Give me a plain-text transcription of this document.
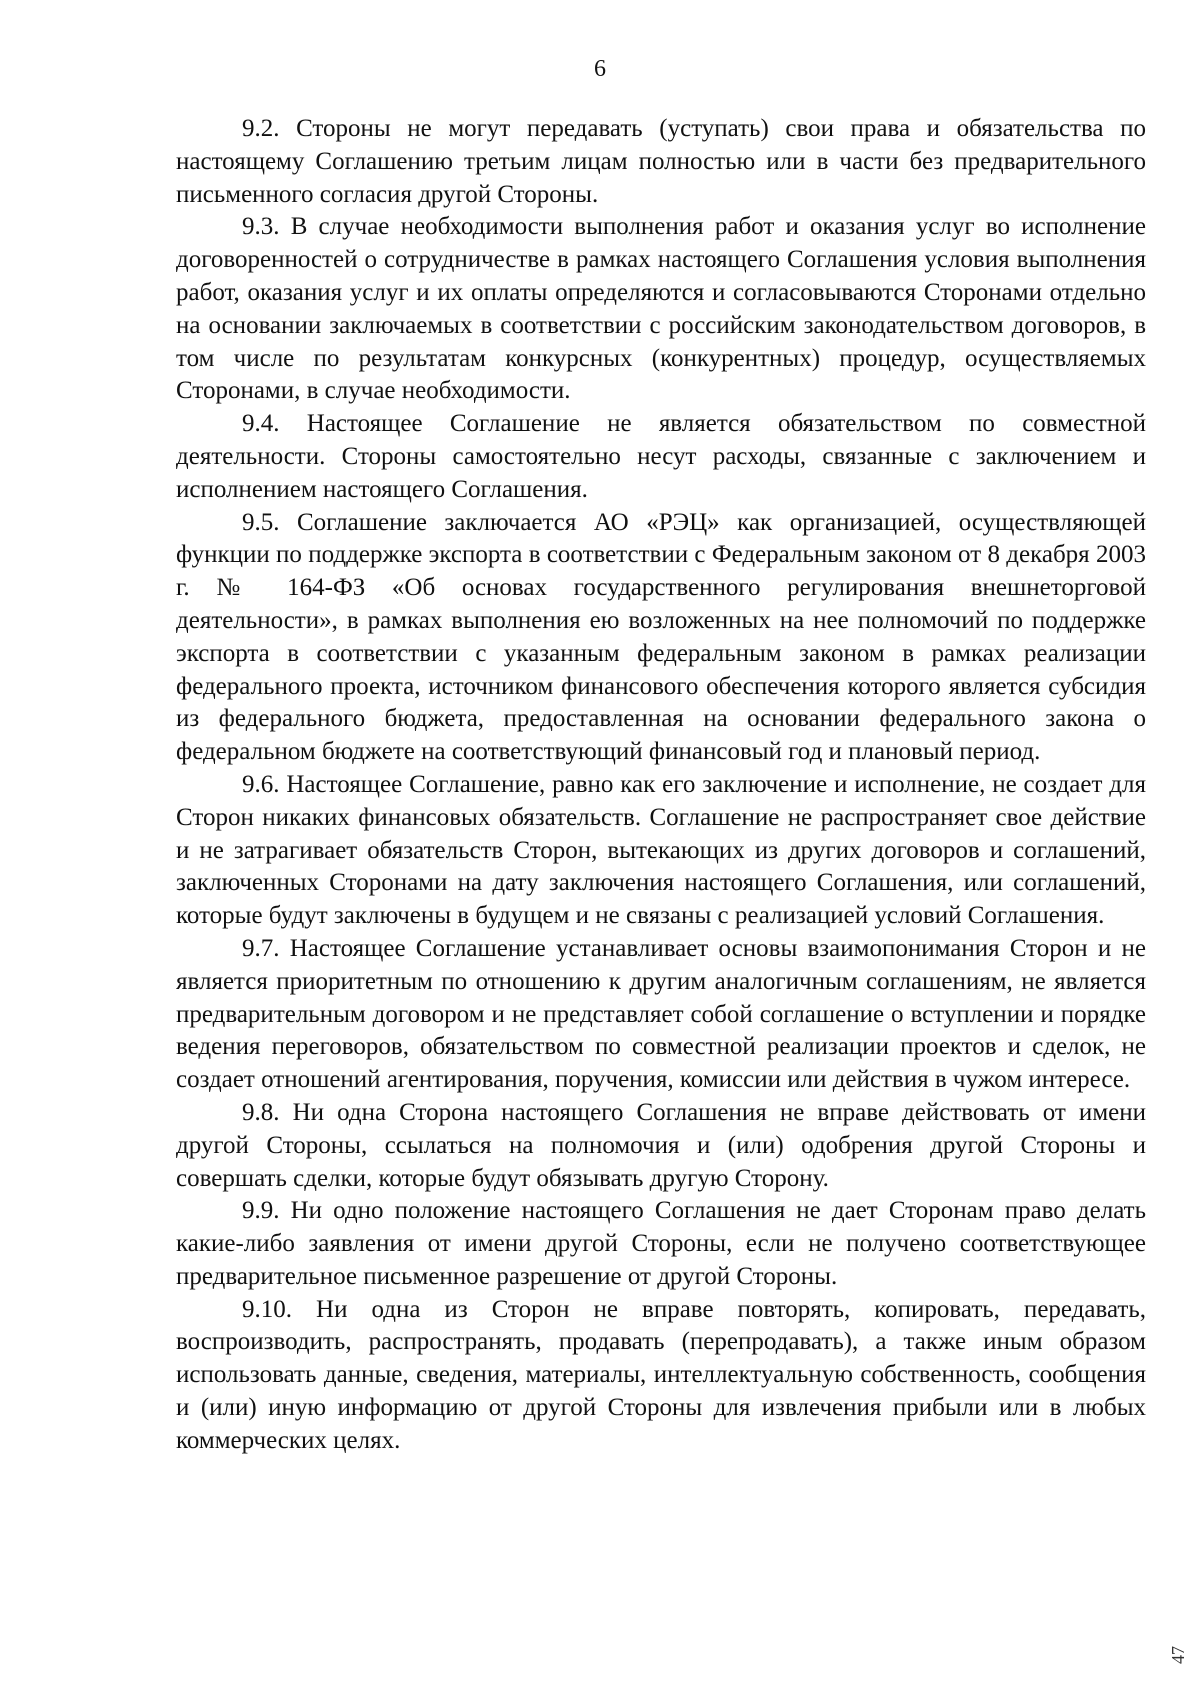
6

9.2. Стороны не могут передавать (уступать) свои права и обязательства по настоящему Соглашению третьим лицам полностью или в части без предварительного письменного согласия другой Стороны.

9.3. В случае необходимости выполнения работ и оказания услуг во исполнение договоренностей о сотрудничестве в рамках настоящего Соглашения условия выполнения работ, оказания услуг и их оплаты определяются и согласовываются Сторонами отдельно на основании заключаемых в соответствии с российским законодательством договоров, в том числе по результатам конкурсных (конкурентных) процедур, осуществляемых Сторонами, в случае необходимости.

9.4. Настоящее Соглашение не является обязательством по совместной деятельности. Стороны самостоятельно несут расходы, связанные с заключением и исполнением настоящего Соглашения.

9.5. Соглашение заключается АО «РЭЦ» как организацией, осуществляющей функции по поддержке экспорта в соответствии с Федеральным законом от 8 декабря 2003 г. № 164-ФЗ «Об основах государственного регулирования внешнеторговой деятельности», в рамках выполнения ею возложенных на нее полномочий по поддержке экспорта в соответствии с указанным федеральным законом в рамках реализации федерального проекта, источником финансового обеспечения которого является субсидия из федерального бюджета, предоставленная на основании федерального закона о федеральном бюджете на соответствующий финансовый год и плановый период.

9.6. Настоящее Соглашение, равно как его заключение и исполнение, не создает для Сторон никаких финансовых обязательств. Соглашение не распространяет свое действие и не затрагивает обязательств Сторон, вытекающих из других договоров и соглашений, заключенных Сторонами на дату заключения настоящего Соглашения, или соглашений, которые будут заключены в будущем и не связаны с реализацией условий Соглашения.

9.7. Настоящее Соглашение устанавливает основы взаимопонимания Сторон и не является приоритетным по отношению к другим аналогичным соглашениям, не является предварительным договором и не представляет собой соглашение о вступлении и порядке ведения переговоров, обязательством по совместной реализации проектов и сделок, не создает отношений агентирования, поручения, комиссии или действия в чужом интересе.

9.8. Ни одна Сторона настоящего Соглашения не вправе действовать от имени другой Стороны, ссылаться на полномочия и (или) одобрения другой Стороны и совершать сделки, которые будут обязывать другую Сторону.

9.9. Ни одно положение настоящего Соглашения не дает Сторонам право делать какие-либо заявления от имени другой Стороны, если не получено соответствующее предварительное письменное разрешение от другой Стороны.

9.10. Ни одна из Сторон не вправе повторять, копировать, передавать, воспроизводить, распространять, продавать (перепродавать), а также иным образом использовать данные, сведения, материалы, интеллектуальную собственность, сообщения и (или) иную информацию от другой Стороны для извлечения прибыли или в любых коммерческих целях.

47
